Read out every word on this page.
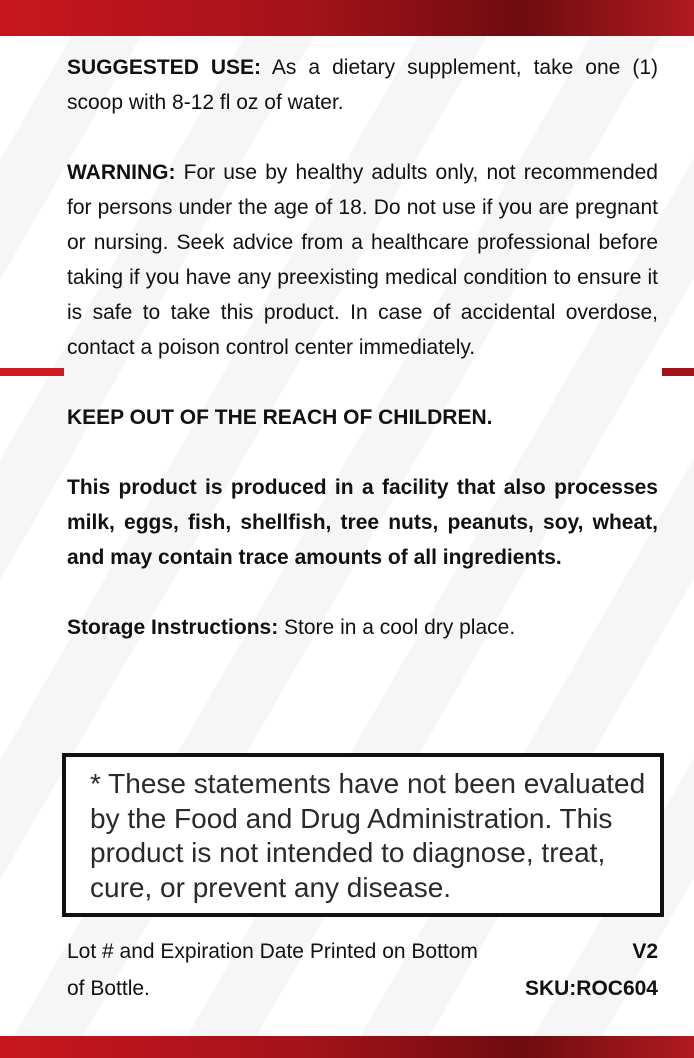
SUGGESTED USE: As a dietary supplement, take one (1) scoop with 8-12 fl oz of water.

WARNING: For use by healthy adults only, not recommended for persons under the age of 18. Do not use if you are pregnant or nursing. Seek advice from a healthcare professional before taking if you have any preexisting medical condition to ensure it is safe to take this product. In case of accidental overdose, contact a poison control center immediately.

KEEP OUT OF THE REACH OF CHILDREN.

This product is produced in a facility that also processes milk, eggs, fish, shellfish, tree nuts, peanuts, soy, wheat, and may contain trace amounts of all ingredients.

Storage Instructions: Store in a cool dry place.

* These statements have not been evaluated by the Food and Drug Administration. This product is not intended to diagnose, treat, cure, or prevent any disease.

Lot # and Expiration Date Printed on Bottom of Bottle.

V2
SKU:ROC604
